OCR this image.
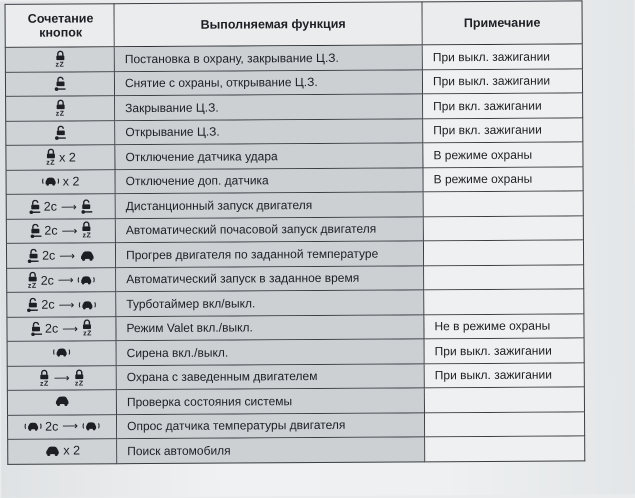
Сочетание
кнопок	Выполняемая функция	Примечание	

zZ	Постановка в охрану, закрывание Ц.З.	При выкл. зажигании	

	Снятие с охраны, открывание Ц.З.	При выкл. зажигании	

zZ	Закрывание Ц.З.	При вкл. зажигании	

	Открывание Ц.З.	При вкл. зажигании	

zZ x 2	Отключение датчика удара	В режиме охраны	

x 2	Отключение доп. датчика	В режиме охраны	

2с ⟶	Дистанционный запуск двигателя		

2с ⟶ zZ	Автоматический почасовой запуск двигателя		

2с ⟶	Прогрев двигателя по заданной температуре		

zZ 2с ⟶	Автоматический запуск в заданное время		

2с ⟶	Турботаймер вкл/выкл.		

2с ⟶ zZ	Режим Valet вкл./выкл.	Не в режиме охраны	

	Сирена вкл./выкл.	При выкл. зажигании	

zZ ⟶ zZ	Охрана с заведенным двигателем	При выкл. зажигании	

	Проверка состояния системы		

2с ⟶	Опрос датчика температуры двигателя		

x 2	Поиск автомобиля		
